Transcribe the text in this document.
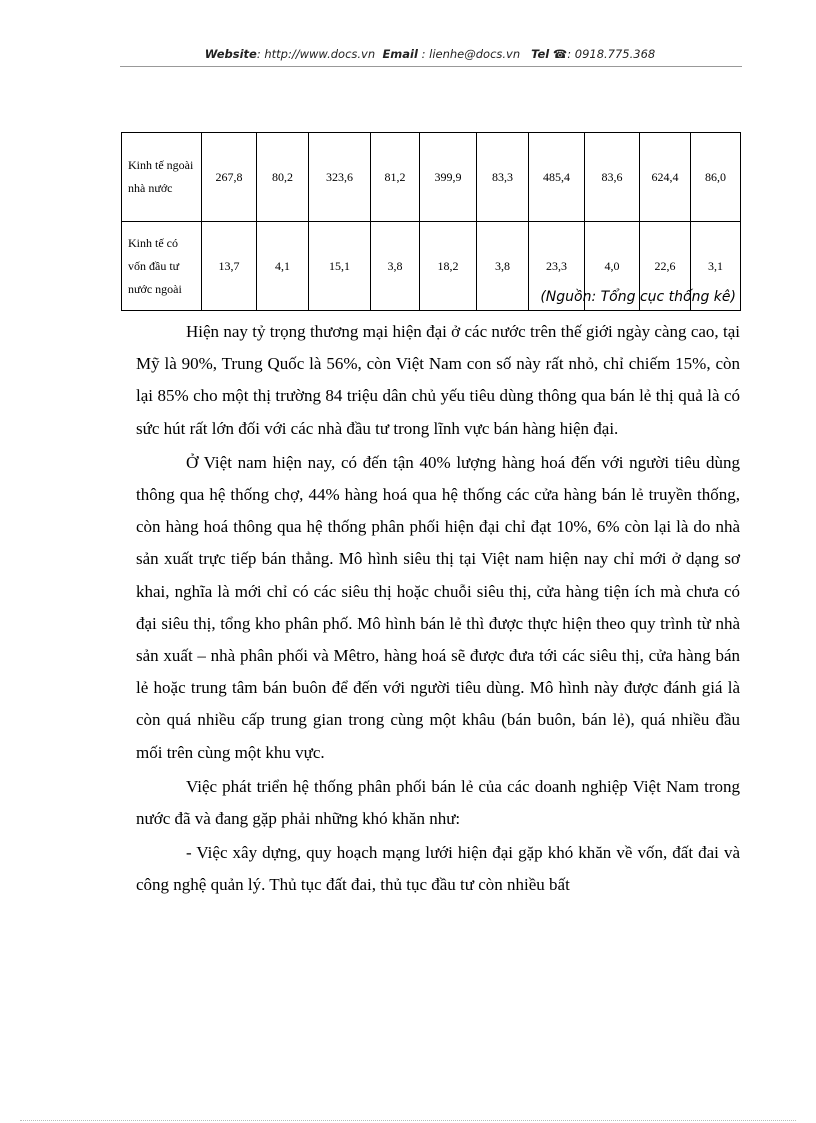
Website: http://www.docs.vn Email : lienhe@docs.vn Tel ☎: 0918.775.368
Kinh tế ngoài nhà nước	267,8	80,2	323,6	81,2	399,9	83,3	485,4	83,6	624,4	86,0
Kinh tế có vốn đầu tư nước ngoài	13,7	4,1	15,1	3,8	18,2	3,8	23,3	4,0	22,6	3,1
(Nguồn: Tổng cục thống kê)

Hiện nay tỷ trọng thương mại hiện đại ở các nước trên thế giới ngày càng cao, tại Mỹ là 90%, Trung Quốc là 56%, còn Việt Nam con số này rất nhỏ, chỉ chiếm 15%, còn lại 85% cho một thị trường 84 triệu dân chủ yếu tiêu dùng thông qua bán lẻ thị quả là có sức hút rất lớn đối với các nhà đầu tư trong lĩnh vực bán hàng hiện đại.

Ở Việt nam hiện nay, có đến tận 40% lượng hàng hoá đến với người tiêu dùng thông qua hệ thống chợ, 44% hàng hoá qua hệ thống các cửa hàng bán lẻ truyền thống, còn hàng hoá thông qua hệ thống phân phối hiện đại chỉ đạt 10%, 6% còn lại là do nhà sản xuất trực tiếp bán thẳng. Mô hình siêu thị tại Việt nam hiện nay chỉ mới ở dạng sơ khai, nghĩa là mới chỉ có các siêu thị hoặc chuỗi siêu thị, cửa hàng tiện ích mà chưa có đại siêu thị, tổng kho phân phố. Mô hình bán lẻ thì được thực hiện theo quy trình từ nhà sản xuất – nhà phân phối và Mêtro, hàng hoá sẽ được đưa tới các siêu thị, cửa hàng bán lẻ hoặc trung tâm bán buôn để đến với người tiêu dùng. Mô hình này được đánh giá là còn quá nhiều cấp trung gian trong cùng một khâu (bán buôn, bán lẻ), quá nhiều đầu mối trên cùng một khu vực.

Việc phát triển hệ thống phân phối bán lẻ của các doanh nghiệp Việt Nam trong nước đã và đang gặp phải những khó khăn như:

- Việc xây dựng, quy hoạch mạng lưới hiện đại gặp khó khăn về vốn, đất đai và công nghệ quản lý. Thủ tục đất đai, thủ tục đầu tư còn nhiều bất
